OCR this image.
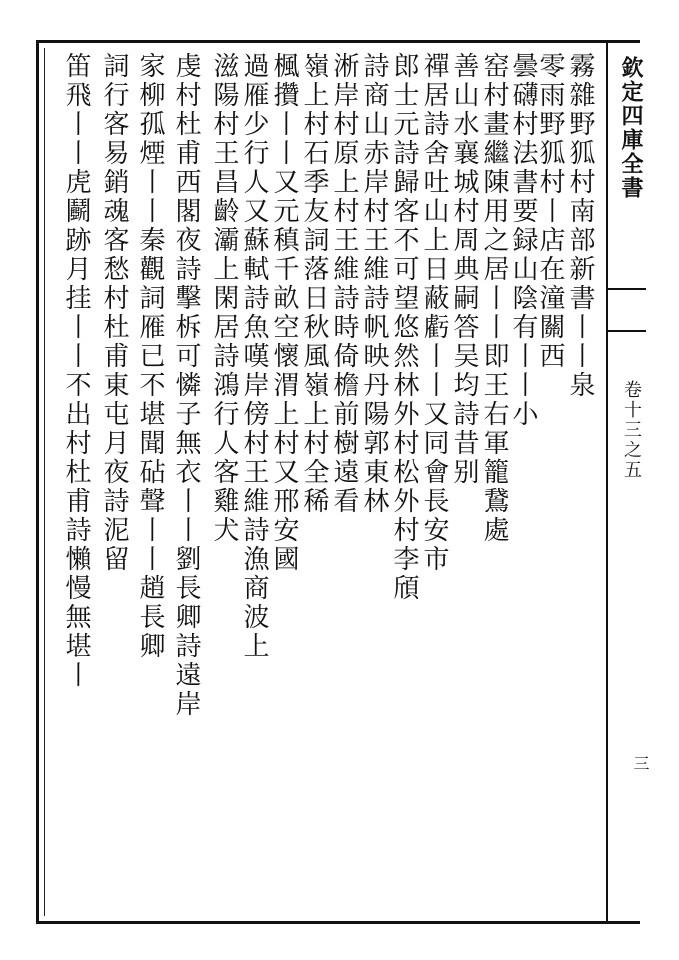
欽定四庫全書
卷十三之五
三
霧雜野狐村南部新書丨丨泉
零雨野狐村丨店在潼關西
曇礴村法書要録山陰有丨丨小
窑村畫繼陳用之居丨丨即王右軍籠鵞處
善山水襄城村周典嗣答吴均詩昔别
禪居詩舍吐山上日蔽虧丨丨又同會長安市
郎士元詩歸客不可望悠然林外村松外村李頎
詩商山赤岸村王維詩帆映丹陽郭東林
淅岸村原上村王維詩時倚檐前樹遠看
嶺上村石季友詞落日秋風嶺上村全稀
楓攢丨丨又元稹千畝空懷渭上村又邢安國
過雁少行人又蘇軾詩魚嘆岸傍村王維詩漁商波上
滋陽村王昌齡灞上閑居詩鴻行人客雞犬
虔村杜甫西閣夜詩擊柝可憐子無衣丨丨劉長卿詩遠岸
家柳孤煙丨丨秦觀詞雁已不堪聞砧聲丨丨趙長卿
詞行客易銷魂客愁村杜甫東屯月夜詩泥留
笛飛丨丨虎鬬跡月挂丨丨不出村杜甫詩懶慢無堪丨
